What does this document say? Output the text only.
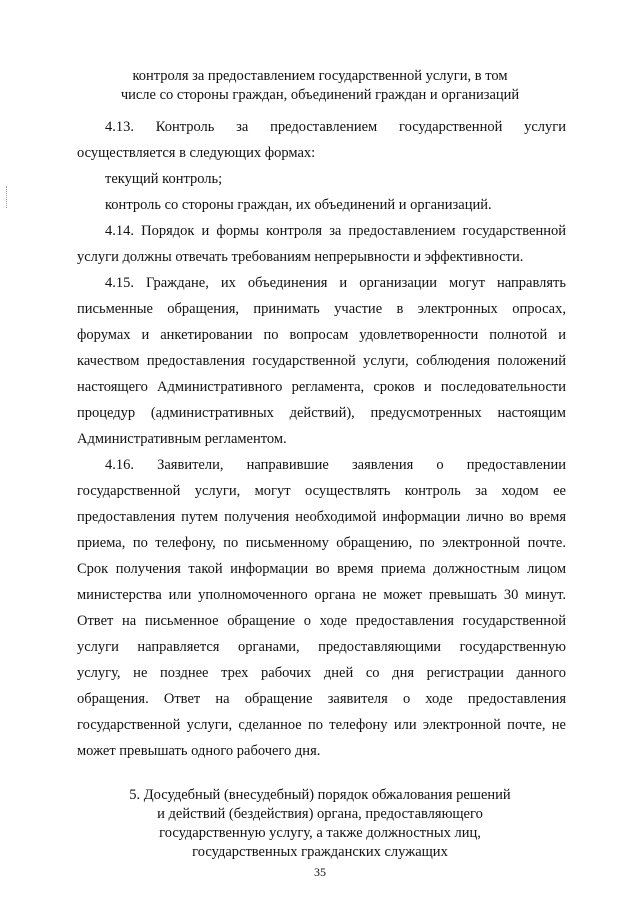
контроля за предоставлением государственной услуги, в том
числе со стороны граждан, объединений граждан и организаций
4.13. Контроль за предоставлением государственной услуги
осуществляется в следующих формах:
текущий контроль;
контроль со стороны граждан, их объединений и организаций.
4.14. Порядок и формы контроля за предоставлением государственной
услуги должны отвечать требованиям непрерывности и эффективности.
4.15. Граждане, их объединения и организации могут направлять
письменные обращения, принимать участие в электронных опросах,
форумах и анкетировании по вопросам удовлетворенности полнотой и
качеством предоставления государственной услуги, соблюдения положений
настоящего Административного регламента, сроков и последовательности
процедур (административных действий), предусмотренных настоящим
Административным регламентом.
4.16. Заявители, направившие заявления о предоставлении
государственной услуги, могут осуществлять контроль за ходом ее
предоставления путем получения необходимой информации лично во время
приема, по телефону, по письменному обращению, по электронной почте.
Срок получения такой информации во время приема должностным лицом
министерства или уполномоченного органа не может превышать 30 минут.
Ответ на письменное обращение о ходе предоставления государственной
услуги направляется органами, предоставляющими государственную
услугу, не позднее трех рабочих дней со дня регистрации данного
обращения. Ответ на обращение заявителя о ходе предоставления
государственной услуги, сделанное по телефону или электронной почте, не
может превышать одного рабочего дня.
5. Досудебный (внесудебный) порядок обжалования решений
и действий (бездействия) органа, предоставляющего
государственную услугу, а также должностных лиц,
государственных гражданских служащих
35
